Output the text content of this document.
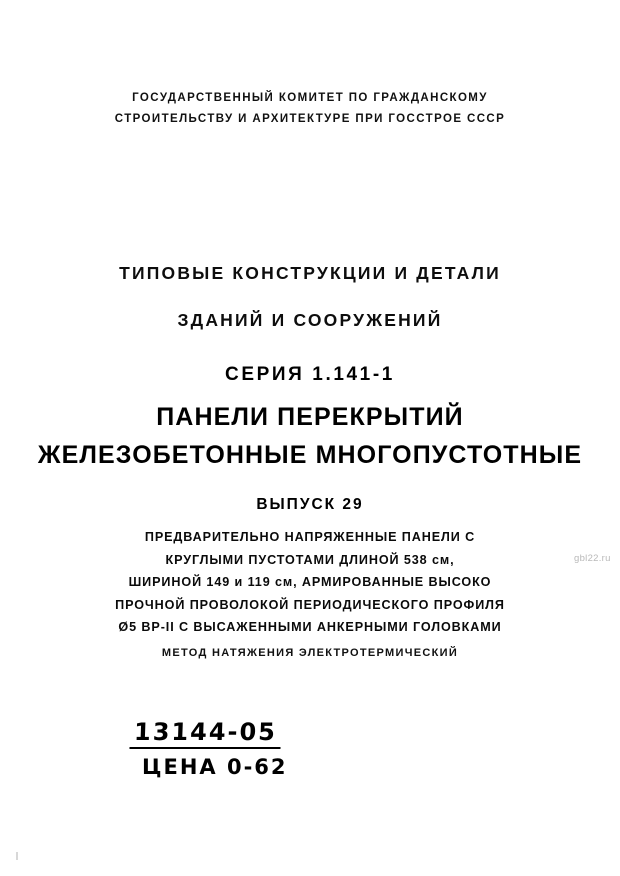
ГОСУДАРСТВЕННЫЙ КОМИТЕТ ПО ГРАЖДАНСКОМУ
СТРОИТЕЛЬСТВУ И АРХИТЕКТУРЕ ПРИ ГОССТРОЕ СССР
ТИПОВЫЕ КОНСТРУКЦИИ И ДЕТАЛИ
ЗДАНИЙ И СООРУЖЕНИЙ
СЕРИЯ 1.141-1
ПАНЕЛИ ПЕРЕКРЫТИЙ
ЖЕЛЕЗОБЕТОННЫЕ МНОГОПУСТОТНЫЕ
ВЫПУСК 29
ПРЕДВАРИТЕЛЬНО НАПРЯЖЕННЫЕ ПАНЕЛИ С
КРУГЛЫМИ ПУСТОТАМИ ДЛИНОЙ 538 см,
ШИРИНОЙ 149 и 119 см, АРМИРОВАННЫЕ ВЫСОКО
ПРОЧНОЙ ПРОВОЛОКОЙ ПЕРИОДИЧЕСКОГО ПРОФИЛЯ
Ø5 ВР-II С ВЫСАЖЕННЫМИ АНКЕРНЫМИ ГОЛОВКАМИ
МЕТОД НАТЯЖЕНИЯ ЭЛЕКТРОТЕРМИЧЕСКИЙ
13144-05
ЦЕНА 0-62
gbl22.ru
